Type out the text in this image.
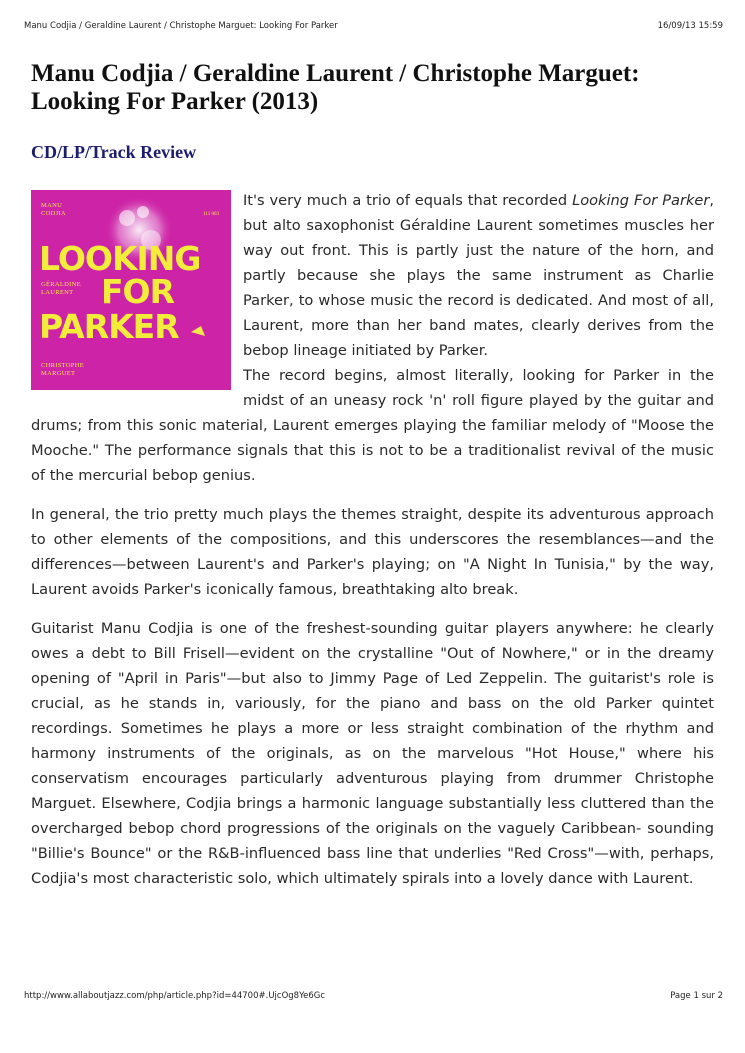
Manu Codjia / Geraldine Laurent / Christophe Marguet: Looking For Parker	16/09/13 15:59
Manu Codjia / Geraldine Laurent / Christophe Marguet: Looking For Parker (2013)
CD/LP/Track Review
MANU
CODJIA	111 003
LOOKING
GÉRALDINE
LAURENT FOR
PARKER
CHRISTOPHE
MARGUET

It's very much a trio of equals that recorded Looking For Parker, but alto saxophonist Géraldine Laurent sometimes muscles her way out front. This is partly just the nature of the horn, and partly because she plays the same instrument as Charlie Parker, to whose music the record is dedicated. And most of all, Laurent, more than her band mates, clearly derives from the bebop lineage initiated by Parker.

The record begins, almost literally, looking for Parker in the midst of an uneasy rock 'n' roll figure played by the guitar and drums; from this sonic material, Laurent emerges playing the familiar melody of "Moose the Mooche." The performance signals that this is not to be a traditionalist revival of the music of the mercurial bebop genius.

In general, the trio pretty much plays the themes straight, despite its adventurous approach to other elements of the compositions, and this underscores the resemblances—and the differences—between Laurent's and Parker's playing; on "A Night In Tunisia," by the way, Laurent avoids Parker's iconically famous, breathtaking alto break.

Guitarist Manu Codjia is one of the freshest-sounding guitar players anywhere: he clearly owes a debt to Bill Frisell—evident on the crystalline "Out of Nowhere," or in the dreamy opening of "April in Paris"—but also to Jimmy Page of Led Zeppelin. The guitarist's role is crucial, as he stands in, variously, for the piano and bass on the old Parker quintet recordings. Sometimes he plays a more or less straight combination of the rhythm and harmony instruments of the originals, as on the marvelous "Hot House," where his conservatism encourages particularly adventurous playing from drummer Christophe Marguet. Elsewhere, Codjia brings a harmonic language substantially less cluttered than the overcharged bebop chord progressions of the originals on the vaguely Caribbean- sounding "Billie's Bounce" or the R&B-influenced bass line that underlies "Red Cross"—with, perhaps, Codjia's most characteristic solo, which ultimately spirals into a lovely dance with Laurent.

http://www.allaboutjazz.com/php/article.php?id=44700#.UjcOg8Ye6Gc	Page 1 sur 2
